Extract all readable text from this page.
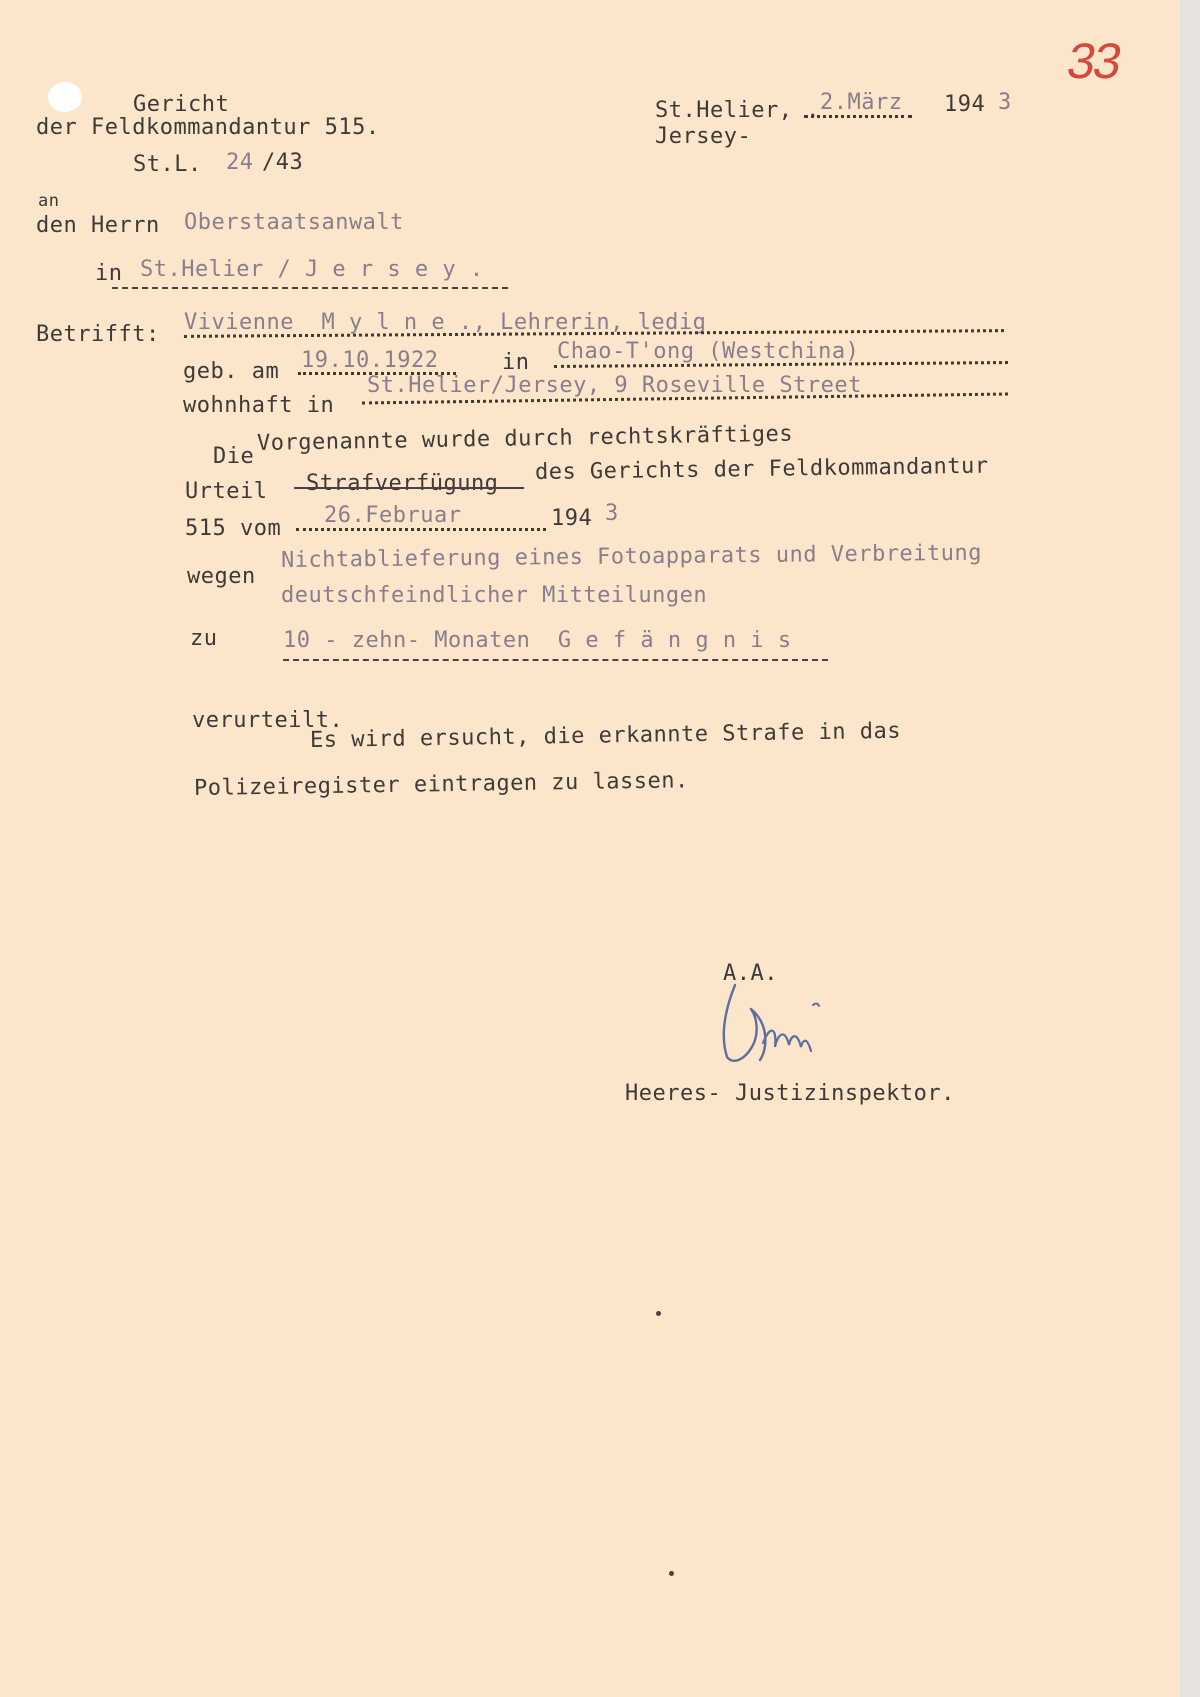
33
Gericht
der Feldkommandantur 515.
St.L. 24 /43
St.Helier, . 2.März 194 3
Jersey-
an
den Herrn Oberstaatsanwalt
in St.Helier / J e r s e y .
Betrifft: Vivienne  M y l n e ., Lehrerin, ledig
geb. am 19.10.1922	in Chao-T'ong (Westchina)
wohnhaft in
St.Helier/Jersey, 9 Roseville Street
Die
Vorgenannte wurde durch rechtskräftiges
Urteil Strafverfügung des Gerichts der Feldkommandantur
515 vom
26.Februar	194 3
wegen
Nichtablieferung eines Fotoapparats und Verbreitung
deutschfeindlicher Mitteilungen
zu	10 - zehn- Monaten  G e f ä n g n i s
verurteilt.
Es wird ersucht, die erkannte Strafe in das
Polizeiregister eintragen zu lassen.
A.A.
Heeres- Justizinspektor.
